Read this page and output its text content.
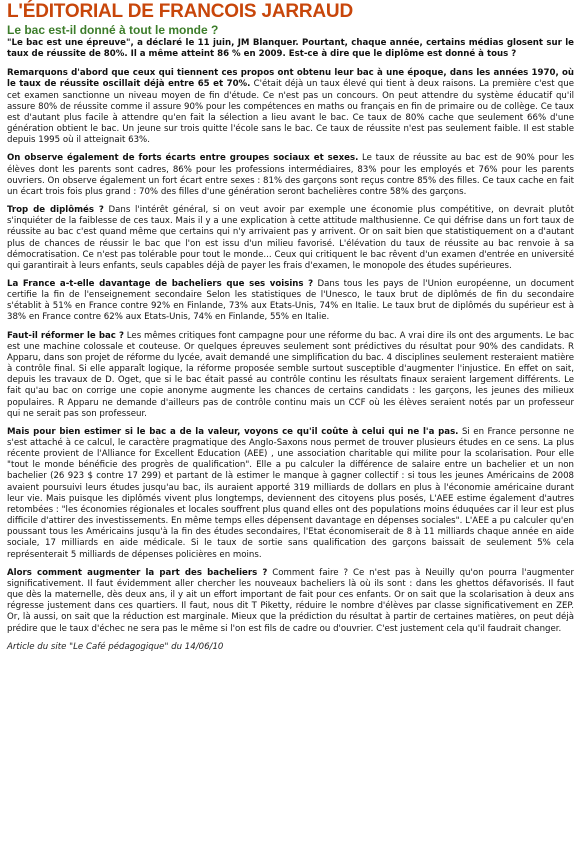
L'ÉDITORIAL DE FRANCOIS JARRAUD
Le bac est-il donné à tout le monde ?

"Le bac est une épreuve", a déclaré le 11 juin, JM Blanquer. Pourtant, chaque année, certains médias glosent sur le taux de réussite de 80%. Il a même atteint 86 % en 2009. Est-ce à dire que le diplôme est donné à tous ?

Remarquons d'abord que ceux qui tiennent ces propos ont obtenu leur bac à une époque, dans les années 1970, où le taux de réussite oscillait déjà entre 65 et 70%. C'était déjà un taux élevé qui tient à deux raisons. La première c'est que cet examen sanctionne un niveau moyen de fin d'étude. Ce n'est pas un concours. On peut attendre du système éducatif qu'il assure 80% de réussite comme il assure 90% pour les compétences en maths ou français en fin de primaire ou de collège. Ce taux est d'autant plus facile à attendre qu'en fait la sélection a lieu avant le bac. Ce taux de 80% cache que seulement 66% d'une génération obtient le bac. Un jeune sur trois quitte l'école sans le bac. Ce taux de réussite n'est pas seulement faible. Il est stable depuis 1995 où il atteignait 63%.

On observe également de forts écarts entre groupes sociaux et sexes. Le taux de réussite au bac est de 90% pour les élèves dont les parents sont cadres, 86% pour les professions intermédiaires, 83% pour les employés et 76% pour les parents ouvriers. On observe également un fort écart entre sexes : 81% des garçons sont reçus contre 85% des filles. Ce taux cache en fait un écart trois fois plus grand : 70% des filles d'une génération seront bachelières contre 58% des garçons.

Trop de diplômés ? Dans l'intérêt général, si on veut avoir par exemple une économie plus compétitive, on devrait plutôt s'inquiéter de la faiblesse de ces taux. Mais il y a une explication à cette attitude malthusienne. Ce qui défrise dans un fort taux de réussite au bac c'est quand même que certains qui n'y arrivaient pas y arrivent. Or on sait bien que statistiquement on a d'autant plus de chances de réussir le bac que l'on est issu d'un milieu favorisé. L'élévation du taux de réussite au bac renvoie à sa démocratisation. Ce n'est pas tolérable pour tout le monde... Ceux qui critiquent le bac rêvent d'un examen d'entrée en université qui garantirait à leurs enfants, seuls capables déjà de payer les frais d'examen, le monopole des études supérieures.

La France a-t-elle davantage de bacheliers que ses voisins ? Dans tous les pays de l'Union européenne, un document certifie la fin de l'enseignement secondaire Selon les statistiques de l'Unesco, le taux brut de diplômés de fin du secondaire s'établit à 51% en France contre 92% en Finlande, 73% aux Etats-Unis, 74% en Italie. Le taux brut de diplômés du supérieur est à 38% en France contre 62% aux Etats-Unis, 74% en Finlande, 55% en Italie.

Faut-il réformer le bac ? Les mêmes critiques font campagne pour une réforme du bac. A vrai dire ils ont des arguments. Le bac est une machine colossale et couteuse. Or quelques épreuves seulement sont prédictives du résultat pour 90% des candidats. R Apparu, dans son projet de réforme du lycée, avait demandé une simplification du bac. 4 disciplines seulement resteraient matière à contrôle final. Si elle apparaît logique, la réforme proposée semble surtout susceptible d'augmenter l'injustice. En effet on sait, depuis les travaux de D. Oget, que si le bac était passé au contrôle continu les résultats finaux seraient largement différents. Le fait qu'au bac on corrige une copie anonyme augmente les chances de certains candidats : les garçons, les jeunes des milieux populaires. R Apparu ne demande d'ailleurs pas de contrôle continu mais un CCF où les élèves seraient notés par un professeur qui ne serait pas son professeur.

Mais pour bien estimer si le bac a de la valeur, voyons ce qu'il coûte à celui qui ne l'a pas. Si en France personne ne s'est attaché à ce calcul, le caractère pragmatique des Anglo-Saxons nous permet de trouver plusieurs études en ce sens. La plus récente provient de l'Alliance for Excellent Education (AEE) , une association charitable qui milite pour la scolarisation. Pour elle "tout le monde bénéficie des progrès de qualification". Elle a pu calculer la différence de salaire entre un bachelier et un non bachelier (26 923 $ contre 17 299) et partant de là estimer le manque à gagner collectif : si tous les jeunes Américains de 2008 avaient poursuivi leurs études jusqu'au bac, ils auraient apporté 319 milliards de dollars en plus à l'économie américaine durant leur vie. Mais puisque les diplômés vivent plus longtemps, deviennent des citoyens plus posés, L'AEE estime également d'autres retombées : "les économies régionales et locales souffrent plus quand elles ont des populations moins éduquées car il leur est plus difficile d'attirer des investissements. En même temps elles dépensent davantage en dépenses sociales". L'AEE a pu calculer qu'en poussant tous les Américains jusqu'à la fin des études secondaires, l'Etat économiserait de 8 à 11 milliards chaque année en aide sociale, 17 milliards en aide médicale. Si le taux de sortie sans qualification des garçons baissait de seulement 5% cela représenterait 5 milliards de dépenses policières en moins.

Alors comment augmenter la part des bacheliers ? Comment faire ? Ce n'est pas à Neuilly qu'on pourra l'augmenter significativement. Il faut évidemment aller chercher les nouveaux bacheliers là où ils sont : dans les ghettos défavorisés. Il faut que dès la maternelle, dès deux ans, il y ait un effort important de fait pour ces enfants. Or on sait que la scolarisation à deux ans régresse justement dans ces quartiers. Il faut, nous dit T Piketty, réduire le nombre d'élèves par classe significativement en ZEP. Or, là aussi, on sait que la réduction est marginale. Mieux que la prédiction du résultat à partir de certaines matières, on peut déjà prédire que le taux d'échec ne sera pas le même si l'on est fils de cadre ou d'ouvrier. C'est justement cela qu'il faudrait changer.

Article du site "Le Café pédagogique" du 14/06/10
